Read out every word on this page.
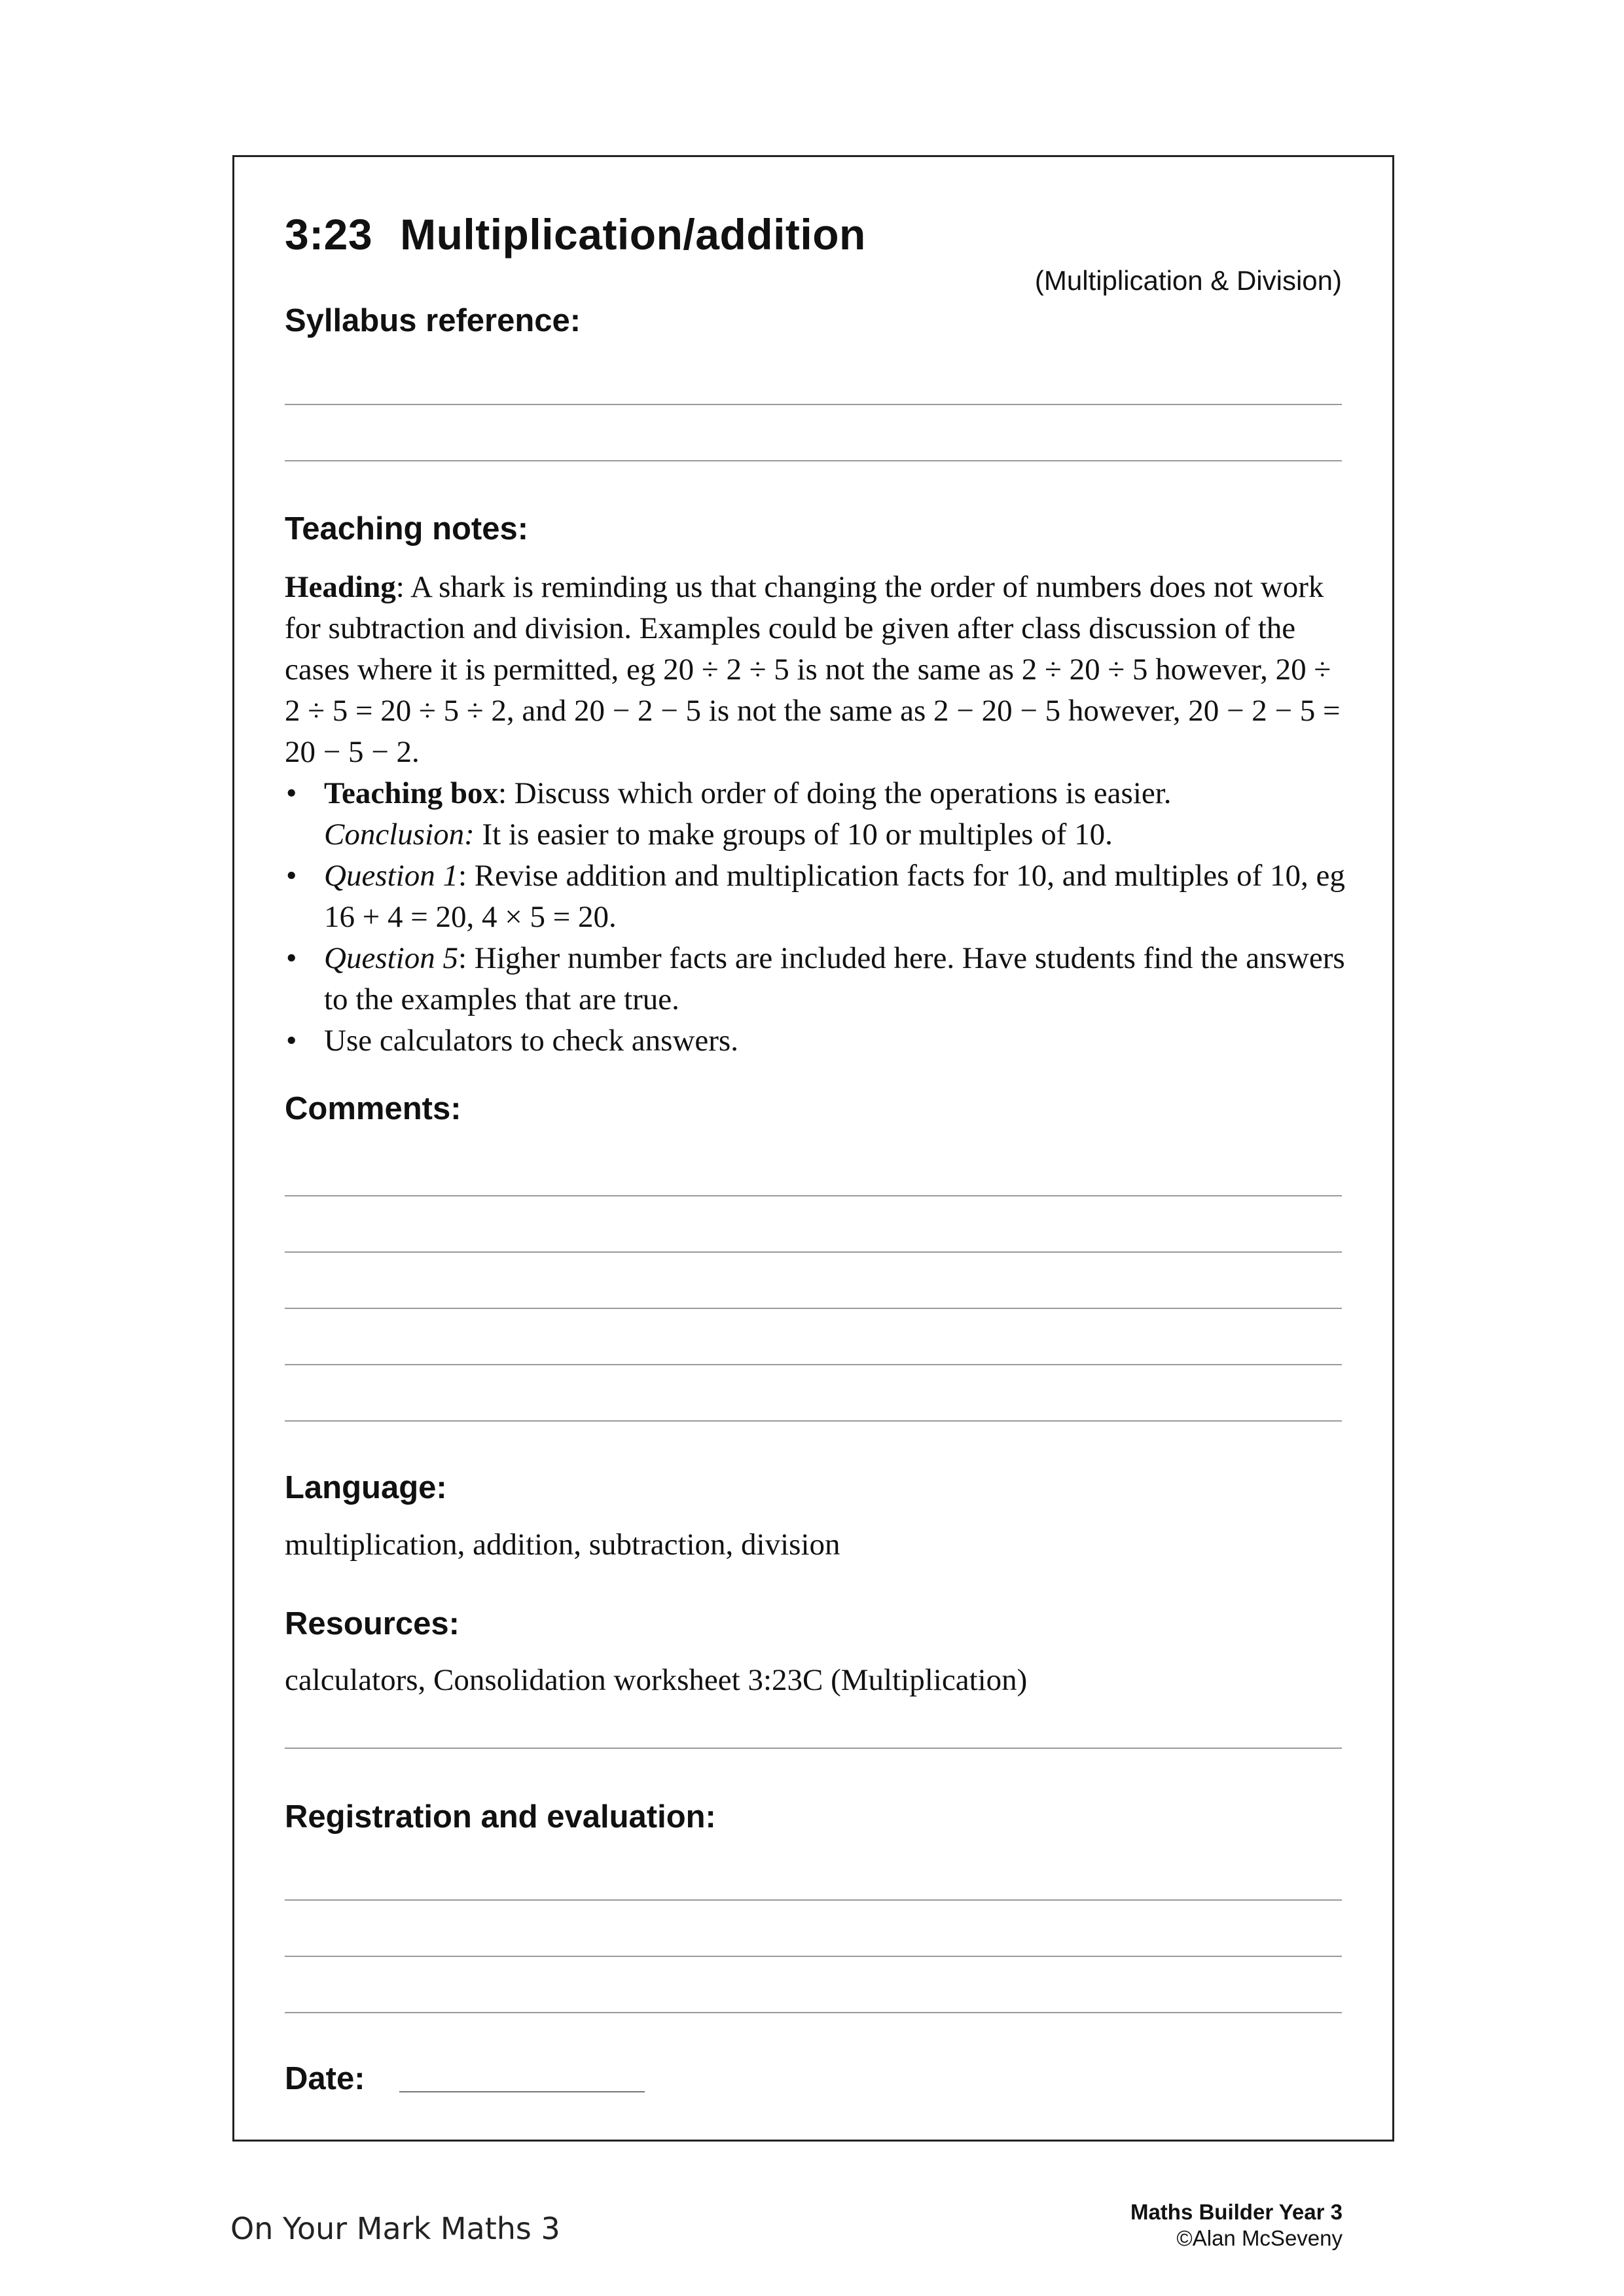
3:23 Multiplication/addition
(Multiplication & Division)
Syllabus reference:
Teaching notes:

Heading: A shark is reminding us that changing the order of numbers does not work for subtraction and division. Examples could be given after class discussion of the cases where it is permitted, eg 20 ÷ 2 ÷ 5 is not the same as 2 ÷ 20 ÷ 5 however, 20 ÷ 2 ÷ 5 = 20 ÷ 5 ÷ 2, and 20 − 2 − 5 is not the same as 2 − 20 − 5 however, 20 − 2 − 5 = 20 − 5 − 2.

• Teaching box: Discuss which order of doing the operations is easier.
Conclusion: It is easier to make groups of 10 or multiples of 10.
• Question 1: Revise addition and multiplication facts for 10, and multiples of 10, eg 16 + 4 = 20, 4 × 5 = 20.
• Question 5: Higher number facts are included here. Have students find the answers to the examples that are true.
• Use calculators to check answers.
Comments:
Language:
multiplication, addition, subtraction, division
Resources:
calculators, Consolidation worksheet 3:23C (Multiplication)
Registration and evaluation:
Date:
On Your Mark Maths 3	Maths Builder Year 3
©Alan McSeveny
